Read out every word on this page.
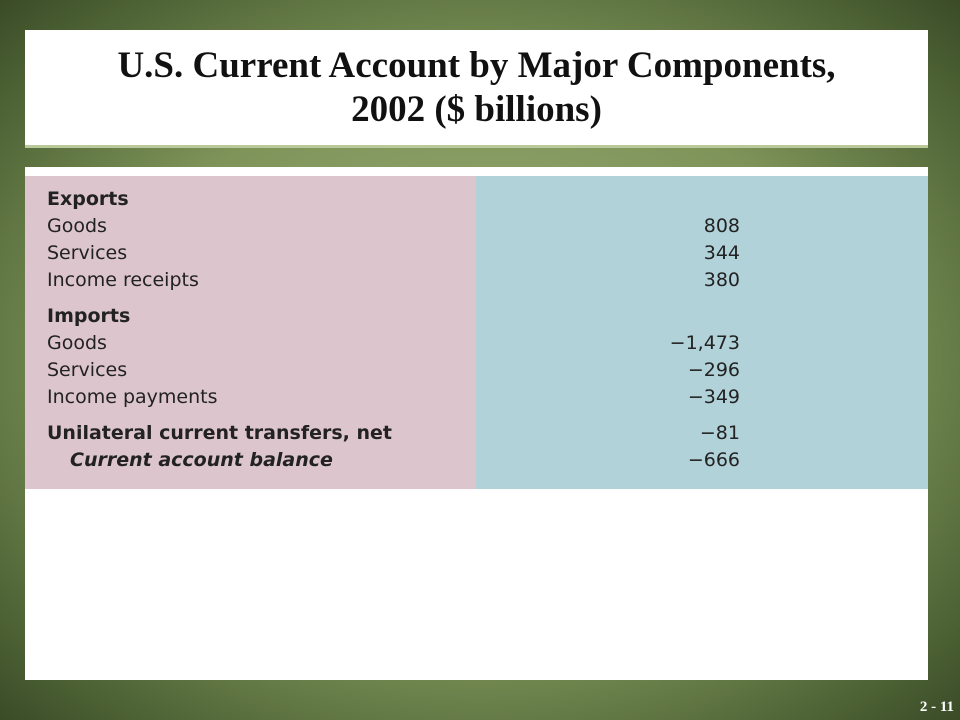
U.S. Current Account by Major Components,
2002 ($ billions)
Exports
Goods
Services
Income receipts
Imports
Goods
Services
Income payments
Unilateral current transfers, net
Current account balance
808
344
380
−1,473
−296
−349
−81
−666
2 - 11
